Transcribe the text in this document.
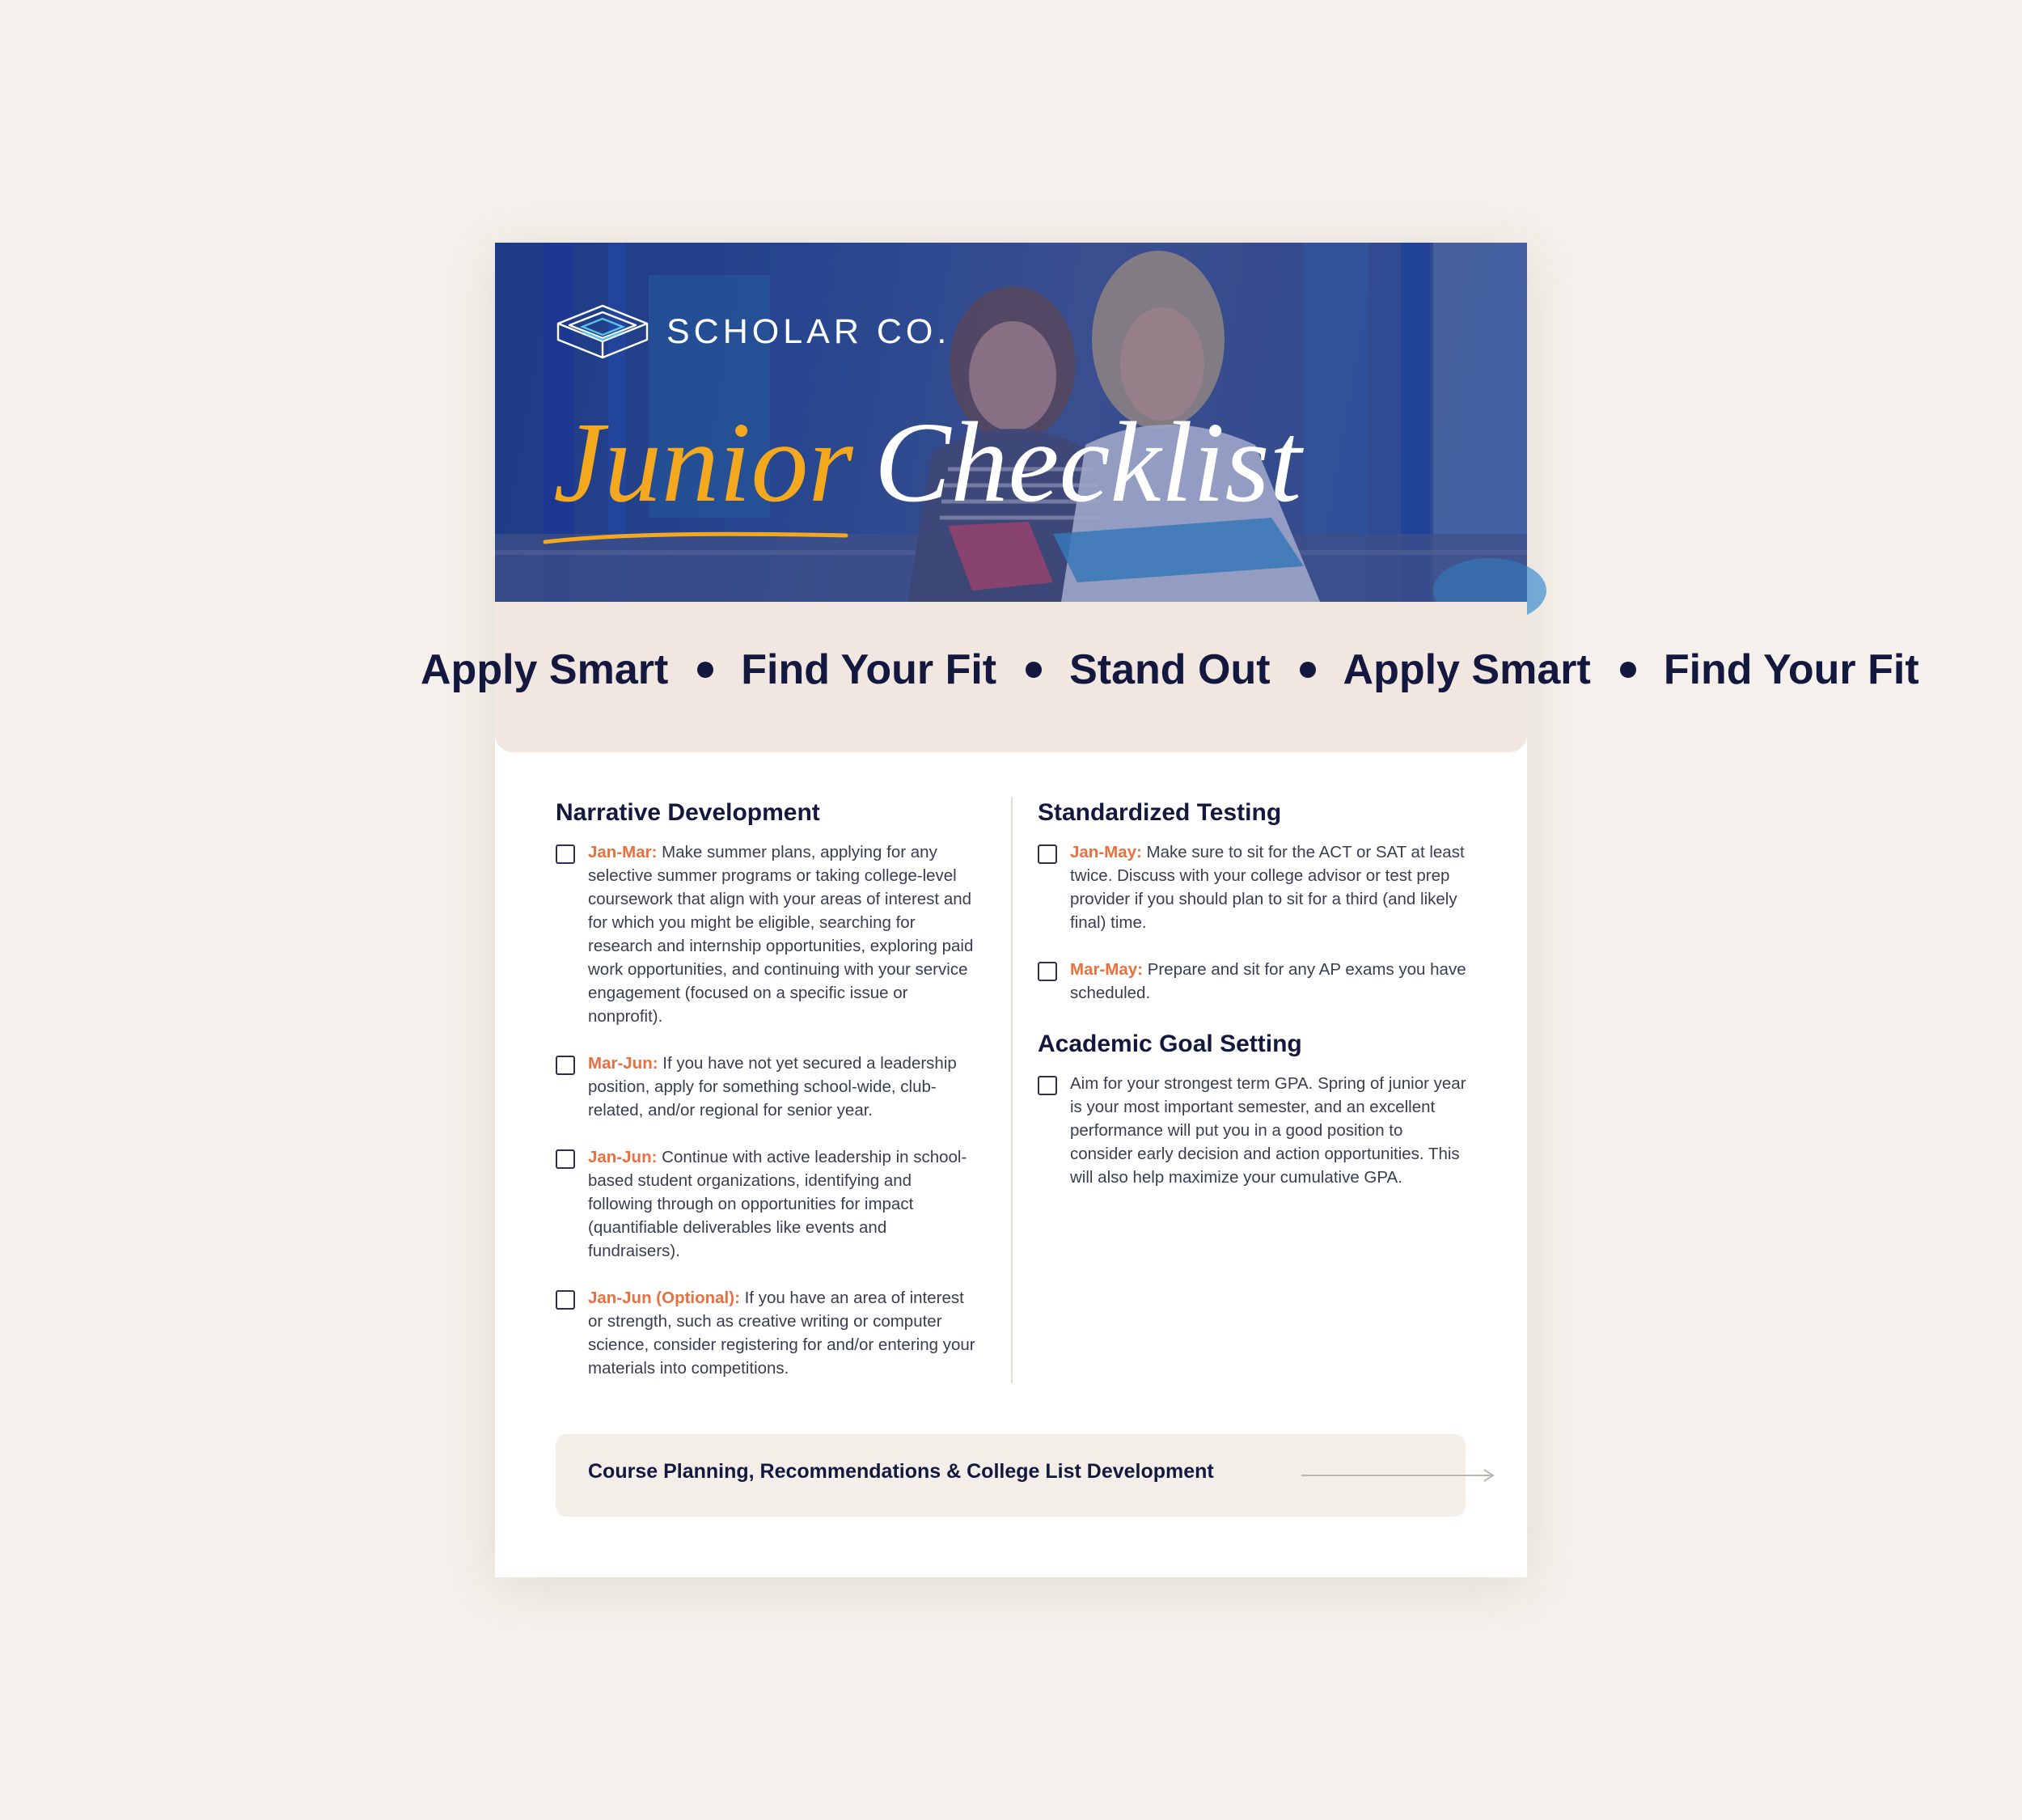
SCHOLAR CO.
Junior Checklist
Apply Smart Find Your Fit Stand Out Apply Smart Find Your Fit
Narrative Development
Jan-Mar: Make summer plans, applying for any selective summer programs or taking college-level coursework that align with your areas of interest and for which you might be eligible, searching for research and internship opportunities, exploring paid work opportunities, and continuing with your service engagement (focused on a specific issue or nonprofit).
Mar-Jun: If you have not yet secured a leadership position, apply for something school-wide, club-related, and/or regional for senior year.
Jan-Jun: Continue with active leadership in school-based student organizations, identifying and following through on opportunities for impact (quantifiable deliverables like events and fundraisers).
Jan-Jun (Optional): If you have an area of interest or strength, such as creative writing or computer science, consider registering for and/or entering your materials into competitions.
Standardized Testing
Jan-May: Make sure to sit for the ACT or SAT at least twice. Discuss with your college advisor or test prep provider if you should plan to sit for a third (and likely final) time.
Mar-May: Prepare and sit for any AP exams you have scheduled.
Academic Goal Setting
Aim for your strongest term GPA. Spring of junior year is your most important semester, and an excellent performance will put you in a good position to consider early decision and action opportunities. This will also help maximize your cumulative GPA.
Course Planning, Recommendations & College List Development
